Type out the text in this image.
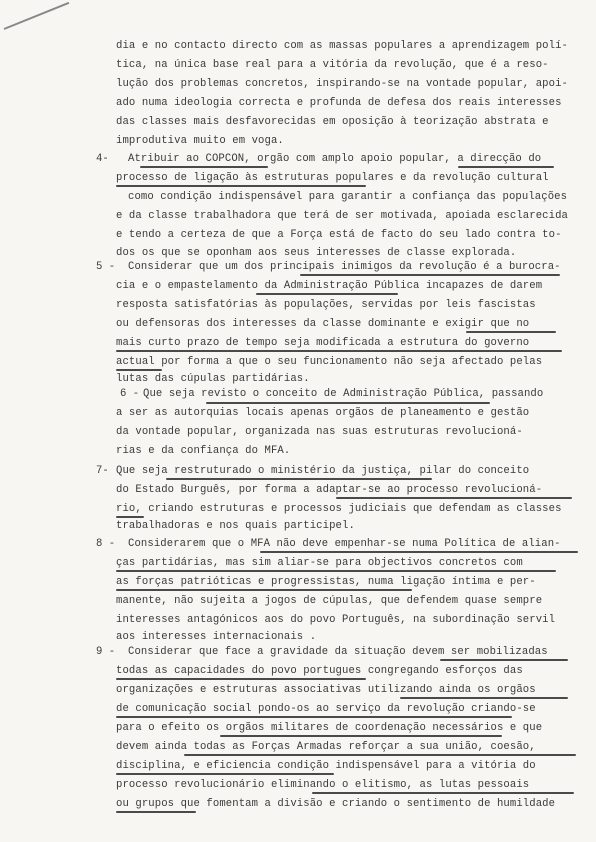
4-
5 -
6 -
7-
8 -
9 -
dia e no contacto directo com as massas populares a aprendizagem polí-
tica, na única base real para a vitória da revolução, que é a reso-
lução dos problemas concretos, inspirando-se na vontade popular, apoi-
ado numa ideologia correcta e profunda de defesa dos reais interesses
das classes mais desfavorecidas em oposição à teorização abstrata e
improdutiva muito em voga.
Atribuir ao COPCON, orgão com amplo apoio popular, a direcção do
processo de ligação às estruturas populares e da revolução cultural
como condição indispensável para garantir a confiança das populações
e da classe trabalhadora que terá de ser motivada, apoiada esclarecida
e tendo a certeza de que a Força está de facto do seu lado contra to-
dos os que se oponham aos seus interesses de classe explorada.
Considerar que um dos principais inimigos da revolução é a burocra-
cia e o empastelamento da Administração Pública incapazes de darem
resposta satisfatórias às populações, servidas por leis fascistas
ou defensoras dos interesses da classe dominante e exigir que no
mais curto prazo de tempo seja modificada a estrutura do governo
actual por forma a que o seu funcionamento não seja afectado pelas
lutas das cúpulas partidárias.
Que seja revisto o conceito de Administração Pública, passando
a ser as autorquias locais apenas orgãos de planeamento e gestão
da vontade popular, organizada nas suas estruturas revolucioná-
rias e da confiança do MFA.
Que seja restruturado o ministério da justiça, pilar do conceito
do Estado Burguês, por forma a adaptar-se ao processo revolucioná-
rio, criando estruturas e processos judiciais que defendam as classes
trabalhadoras e nos quais participel.
Considerarem que o MFA não deve empenhar-se numa Política de alian-
ças partidárias, mas sim aliar-se para objectivos concretos com
as forças patrióticas e progressistas, numa ligação íntima e per-
manente, não sujeita a jogos de cúpulas, que defendem quase sempre
interesses antagónicos aos do povo Português, na subordinação servil
aos interesses internacionais .
Considerar que face a gravidade da situação devem ser mobilizadas
todas as capacidades do povo portugues congregando esforços das
organizações e estruturas associativas utilizando ainda os orgãos
de comunicação social pondo-os ao serviço da revolução criando-se
para o efeito os orgãos militares de coordenação necessários e que
devem ainda todas as Forças Armadas reforçar a sua união, coesão,
disciplina, e eficiencia condição indispensável para a vitória do
processo revolucionário eliminando o elitismo, as lutas pessoais
ou grupos que fomentam a divisão e criando o sentimento de humildade
